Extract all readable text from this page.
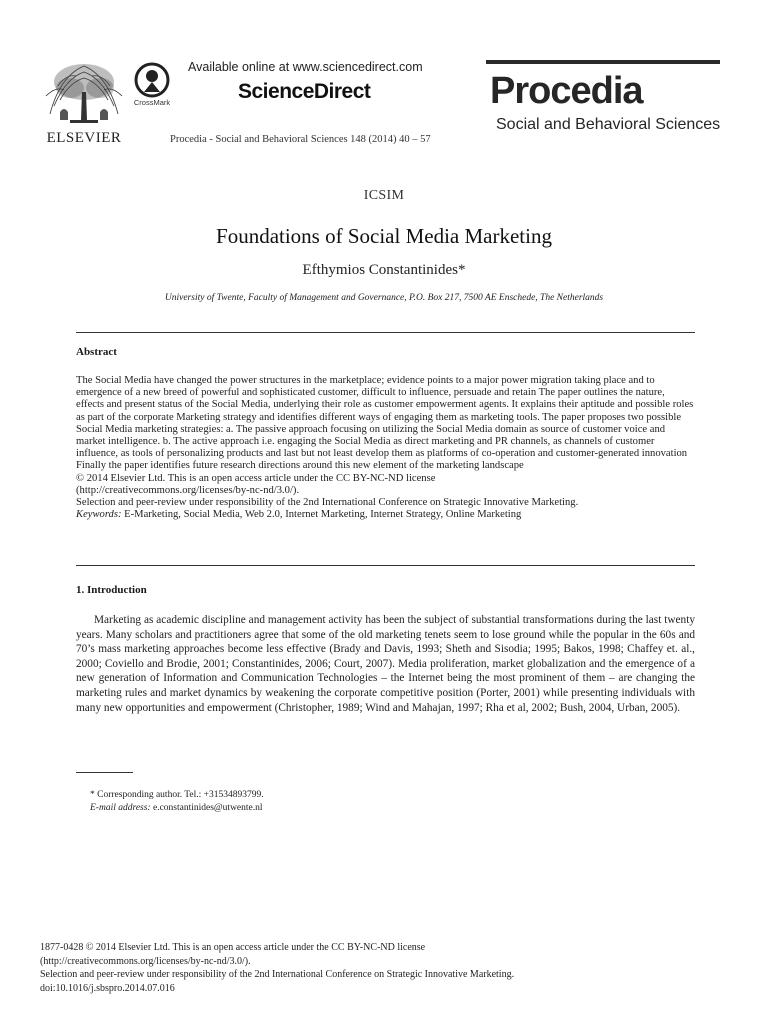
ELSEVIER
CrossMark
Available online at www.sciencedirect.com
ScienceDirect
Procedia - Social and Behavioral Sciences 148 (2014) 40 – 57
Procedia
Social and Behavioral Sciences
ICSIM
Foundations of Social Media Marketing
Efthymios Constantinides*
University of Twente, Faculty of Management and Governance, P.O. Box 217, 7500 AE Enschede, The Netherlands
Abstract

The Social Media have changed the power structures in the marketplace; evidence points to a major power migration taking place and to emergence of a new breed of powerful and sophisticated customer, difficult to influence, persuade and retain The paper outlines the nature, effects and present status of the Social Media, underlying their role as customer empowerment agents. It explains their aptitude and possible roles as part of the corporate Marketing strategy and identifies different ways of engaging them as marketing tools. The paper proposes two possible Social Media marketing strategies: a. The passive approach focusing on utilizing the Social Media domain as source of customer voice and market intelligence. b. The active approach i.e. engaging the Social Media as direct marketing and PR channels, as channels of customer influence, as tools of personalizing products and last but not least develop them as platforms of co-operation and customer-generated innovation Finally the paper identifies future research directions around this new element of the marketing landscape

© 2014 Elsevier Ltd. This is an open access article under the CC BY-NC-ND license

(http://creativecommons.org/licenses/by-nc-nd/3.0/).

Selection and peer-review under responsibility of the 2nd International Conference on Strategic Innovative Marketing.

Keywords: E-Marketing, Social Media, Web 2.0, Internet Marketing, Internet Strategy, Online Marketing

1. Introduction

Marketing as academic discipline and management activity has been the subject of substantial transformations during the last twenty years. Many scholars and practitioners agree that some of the old marketing tenets seem to lose ground while the popular in the 60s and 70’s mass marketing approaches become less effective (Brady and Davis, 1993; Sheth and Sisodia; 1995; Bakos, 1998; Chaffey et. al., 2000; Coviello and Brodie, 2001; Constantinides, 2006; Court, 2007). Media proliferation, market globalization and the emergence of a new generation of Information and Communication Technologies – the Internet being the most prominent of them – are changing the marketing rules and market dynamics by weakening the corporate competitive position (Porter, 2001) while presenting individuals with many new opportunities and empowerment (Christopher, 1989; Wind and Mahajan, 1997; Rha et al, 2002; Bush, 2004, Urban, 2005).

* Corresponding author. Tel.: +31534893799.
E-mail address: e.constantinides@utwente.nl
1877-0428 © 2014 Elsevier Ltd. This is an open access article under the CC BY-NC-ND license
(http://creativecommons.org/licenses/by-nc-nd/3.0/).
Selection and peer-review under responsibility of the 2nd International Conference on Strategic Innovative Marketing.
doi:10.1016/j.sbspro.2014.07.016
